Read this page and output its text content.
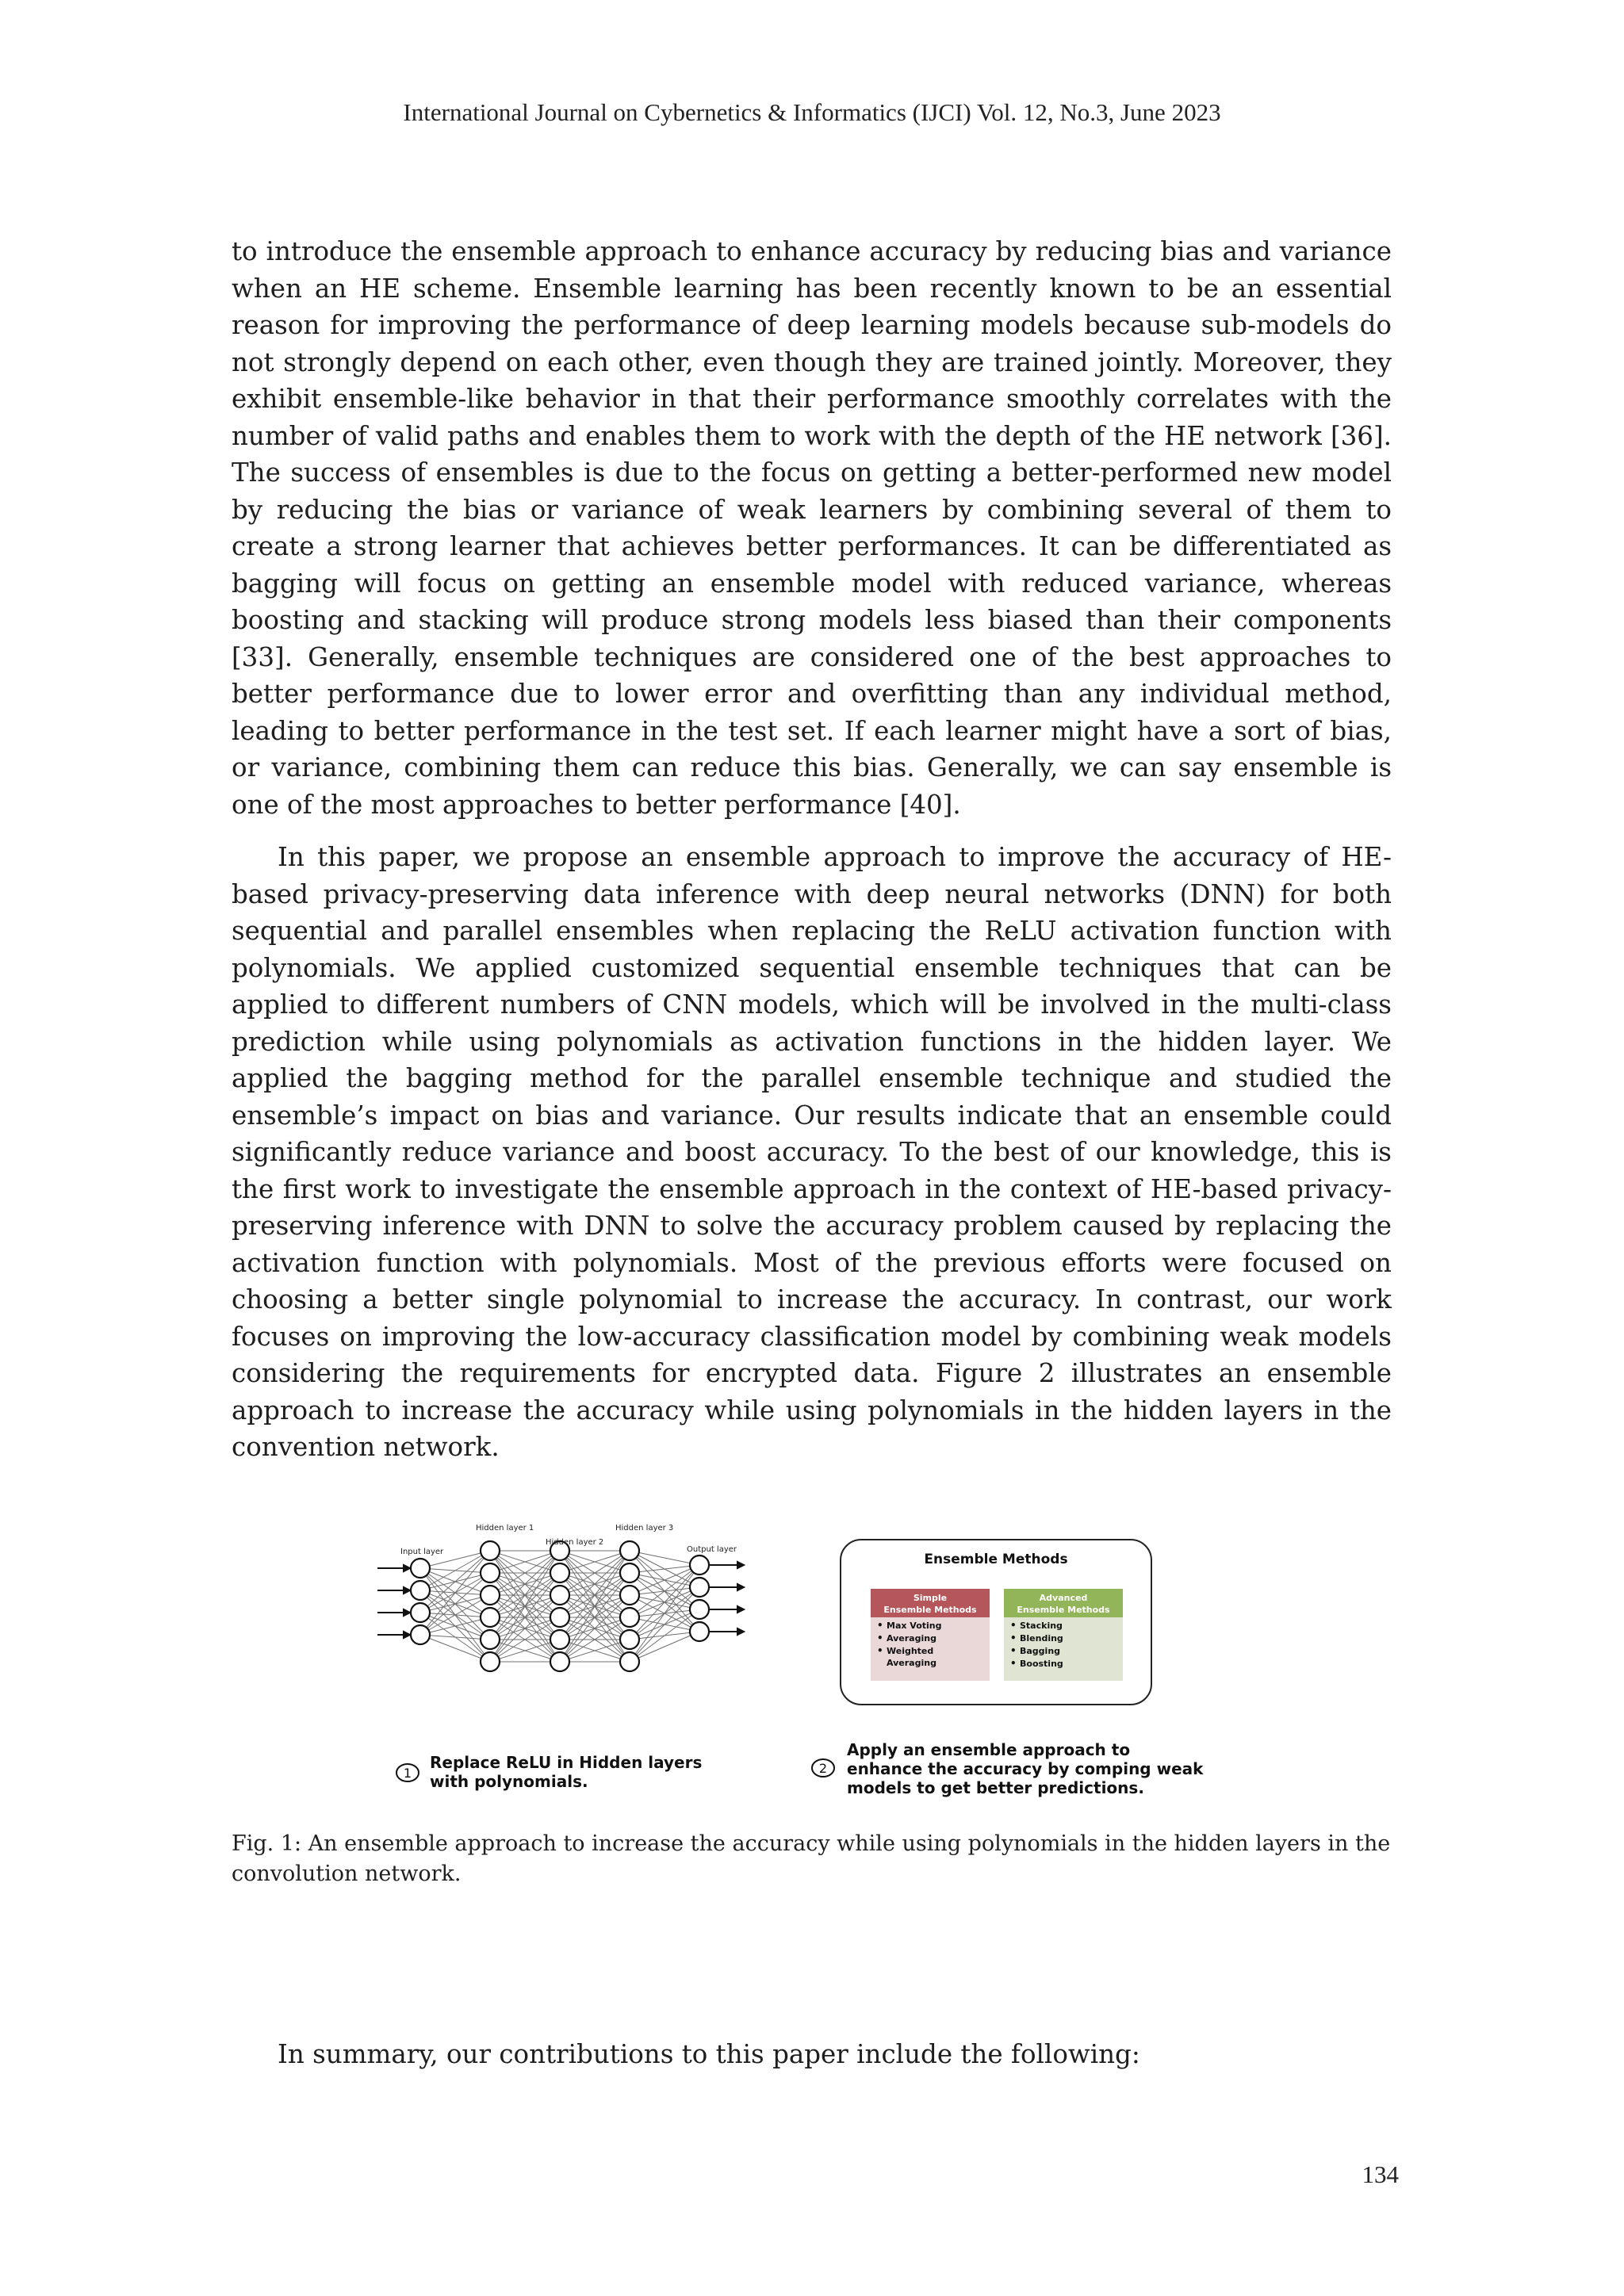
International Journal on Cybernetics & Informatics (IJCI) Vol. 12, No.3, June 2023

to introduce the ensemble approach to enhance accuracy by reducing bias and variance when an HE scheme. Ensemble learning has been recently known to be an essential reason for improving the performance of deep learning models because sub-models do not strongly depend on each other, even though they are trained jointly. Moreover, they exhibit ensemble-like behavior in that their performance smoothly correlates with the number of valid paths and enables them to work with the depth of the HE network [36]. The success of ensembles is due to the focus on getting a better-performed new model by reducing the bias or variance of weak learners by combining several of them to create a strong learner that achieves better performances. It can be differentiated as bagging will focus on getting an ensemble model with reduced variance, whereas boosting and stacking will produce strong models less biased than their components [33]. Generally, ensemble techniques are considered one of the best approaches to better performance due to lower error and overfitting than any individual method, leading to better performance in the test set. If each learner might have a sort of bias, or variance, combining them can reduce this bias. Generally, we can say ensemble is one of the most approaches to better performance [40].

In this paper, we propose an ensemble approach to improve the accuracy of HE-based privacy-preserving data inference with deep neural networks (DNN) for both sequential and parallel ensembles when replacing the ReLU activation function with polynomials. We applied customized sequential ensemble techniques that can be applied to different numbers of CNN models, which will be involved in the multi-class prediction while using polynomials as activation functions in the hidden layer. We applied the bagging method for the parallel ensemble technique and studied the ensemble’s impact on bias and variance. Our results indicate that an ensemble could significantly reduce variance and boost accuracy. To the best of our knowledge, this is the first work to investigate the ensemble approach in the context of HE-based privacy-preserving inference with DNN to solve the accuracy problem caused by replacing the activation function with polynomials. Most of the previous efforts were focused on choosing a better single polynomial to increase the accuracy. In contrast, our work focuses on improving the low-accuracy classification model by combining weak models considering the requirements for encrypted data. Figure 2 illustrates an ensemble approach to increase the accuracy while using polynomials in the hidden layers in the convention network.

Input layer
Hidden layer 1
Hidden layer 2
Hidden layer 3
Output layer
Ensemble Methods
Simple
Ensemble Methods
• Max Voting
• Averaging
• Weighted
Averaging
Advanced
Ensemble Methods
• Stacking
• Blending
• Bagging
• Boosting
1
Replace ReLU in Hidden layers
with polynomials.
2
Apply an ensemble approach to
enhance the accuracy by comping weak
models to get better predictions.

Fig. 1: An ensemble approach to increase the accuracy while using polynomials in the hidden layers in the convolution network.

In summary, our contributions to this paper include the following:

134
